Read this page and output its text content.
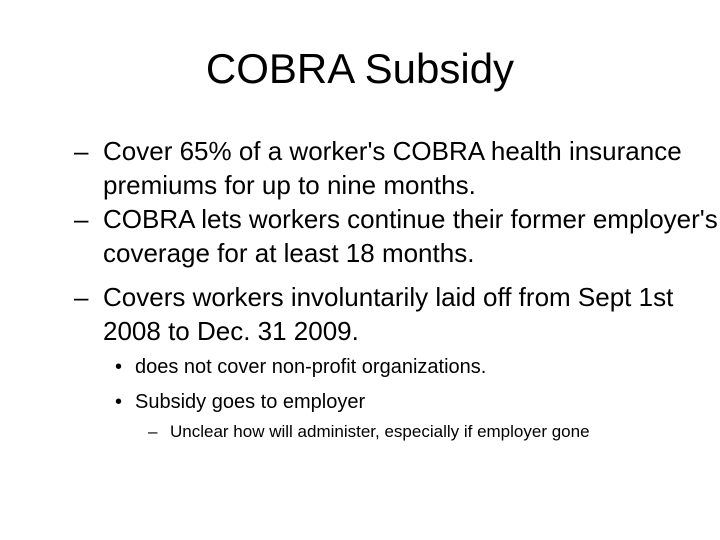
COBRA Subsidy

– Cover 65% of a worker's COBRA health insurance premiums for up to nine months.

– COBRA lets workers continue their former employer's coverage for at least 18 months.

– Covers workers involuntarily laid off from Sept 1st 2008 to Dec. 31 2009.

• does not cover non-profit organizations.

• Subsidy goes to employer

– Unclear how will administer, especially if employer gone
